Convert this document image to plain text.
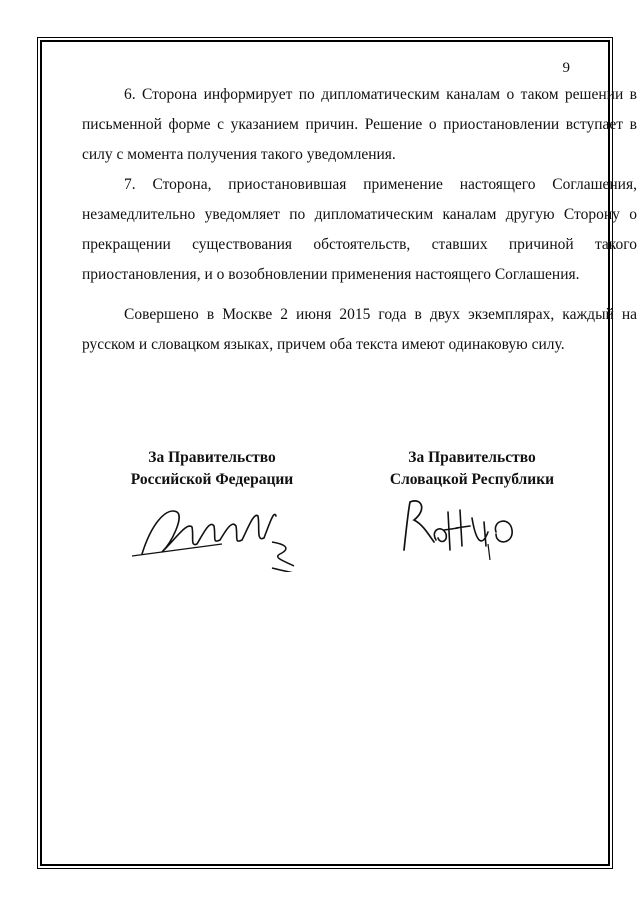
9

6. Сторона информирует по дипломатическим каналам о таком решении в письменной форме с указанием причин. Решение о приостановлении вступает в силу с момента получения такого уведомления.

7. Сторона, приостановившая применение настоящего Соглашения, незамедлительно уведомляет по дипломатическим каналам другую Сторону о прекращении существования обстоятельств, ставших причиной такого приостановления, и о возобновлении применения настоящего Соглашения.

Совершено в Москве 2 июня 2015 года в двух экземплярах, каждый на русском и словацком языках, причем оба текста имеют одинаковую силу.

За Правительство
Российской Федерации
За Правительство
Словацкой Республики
